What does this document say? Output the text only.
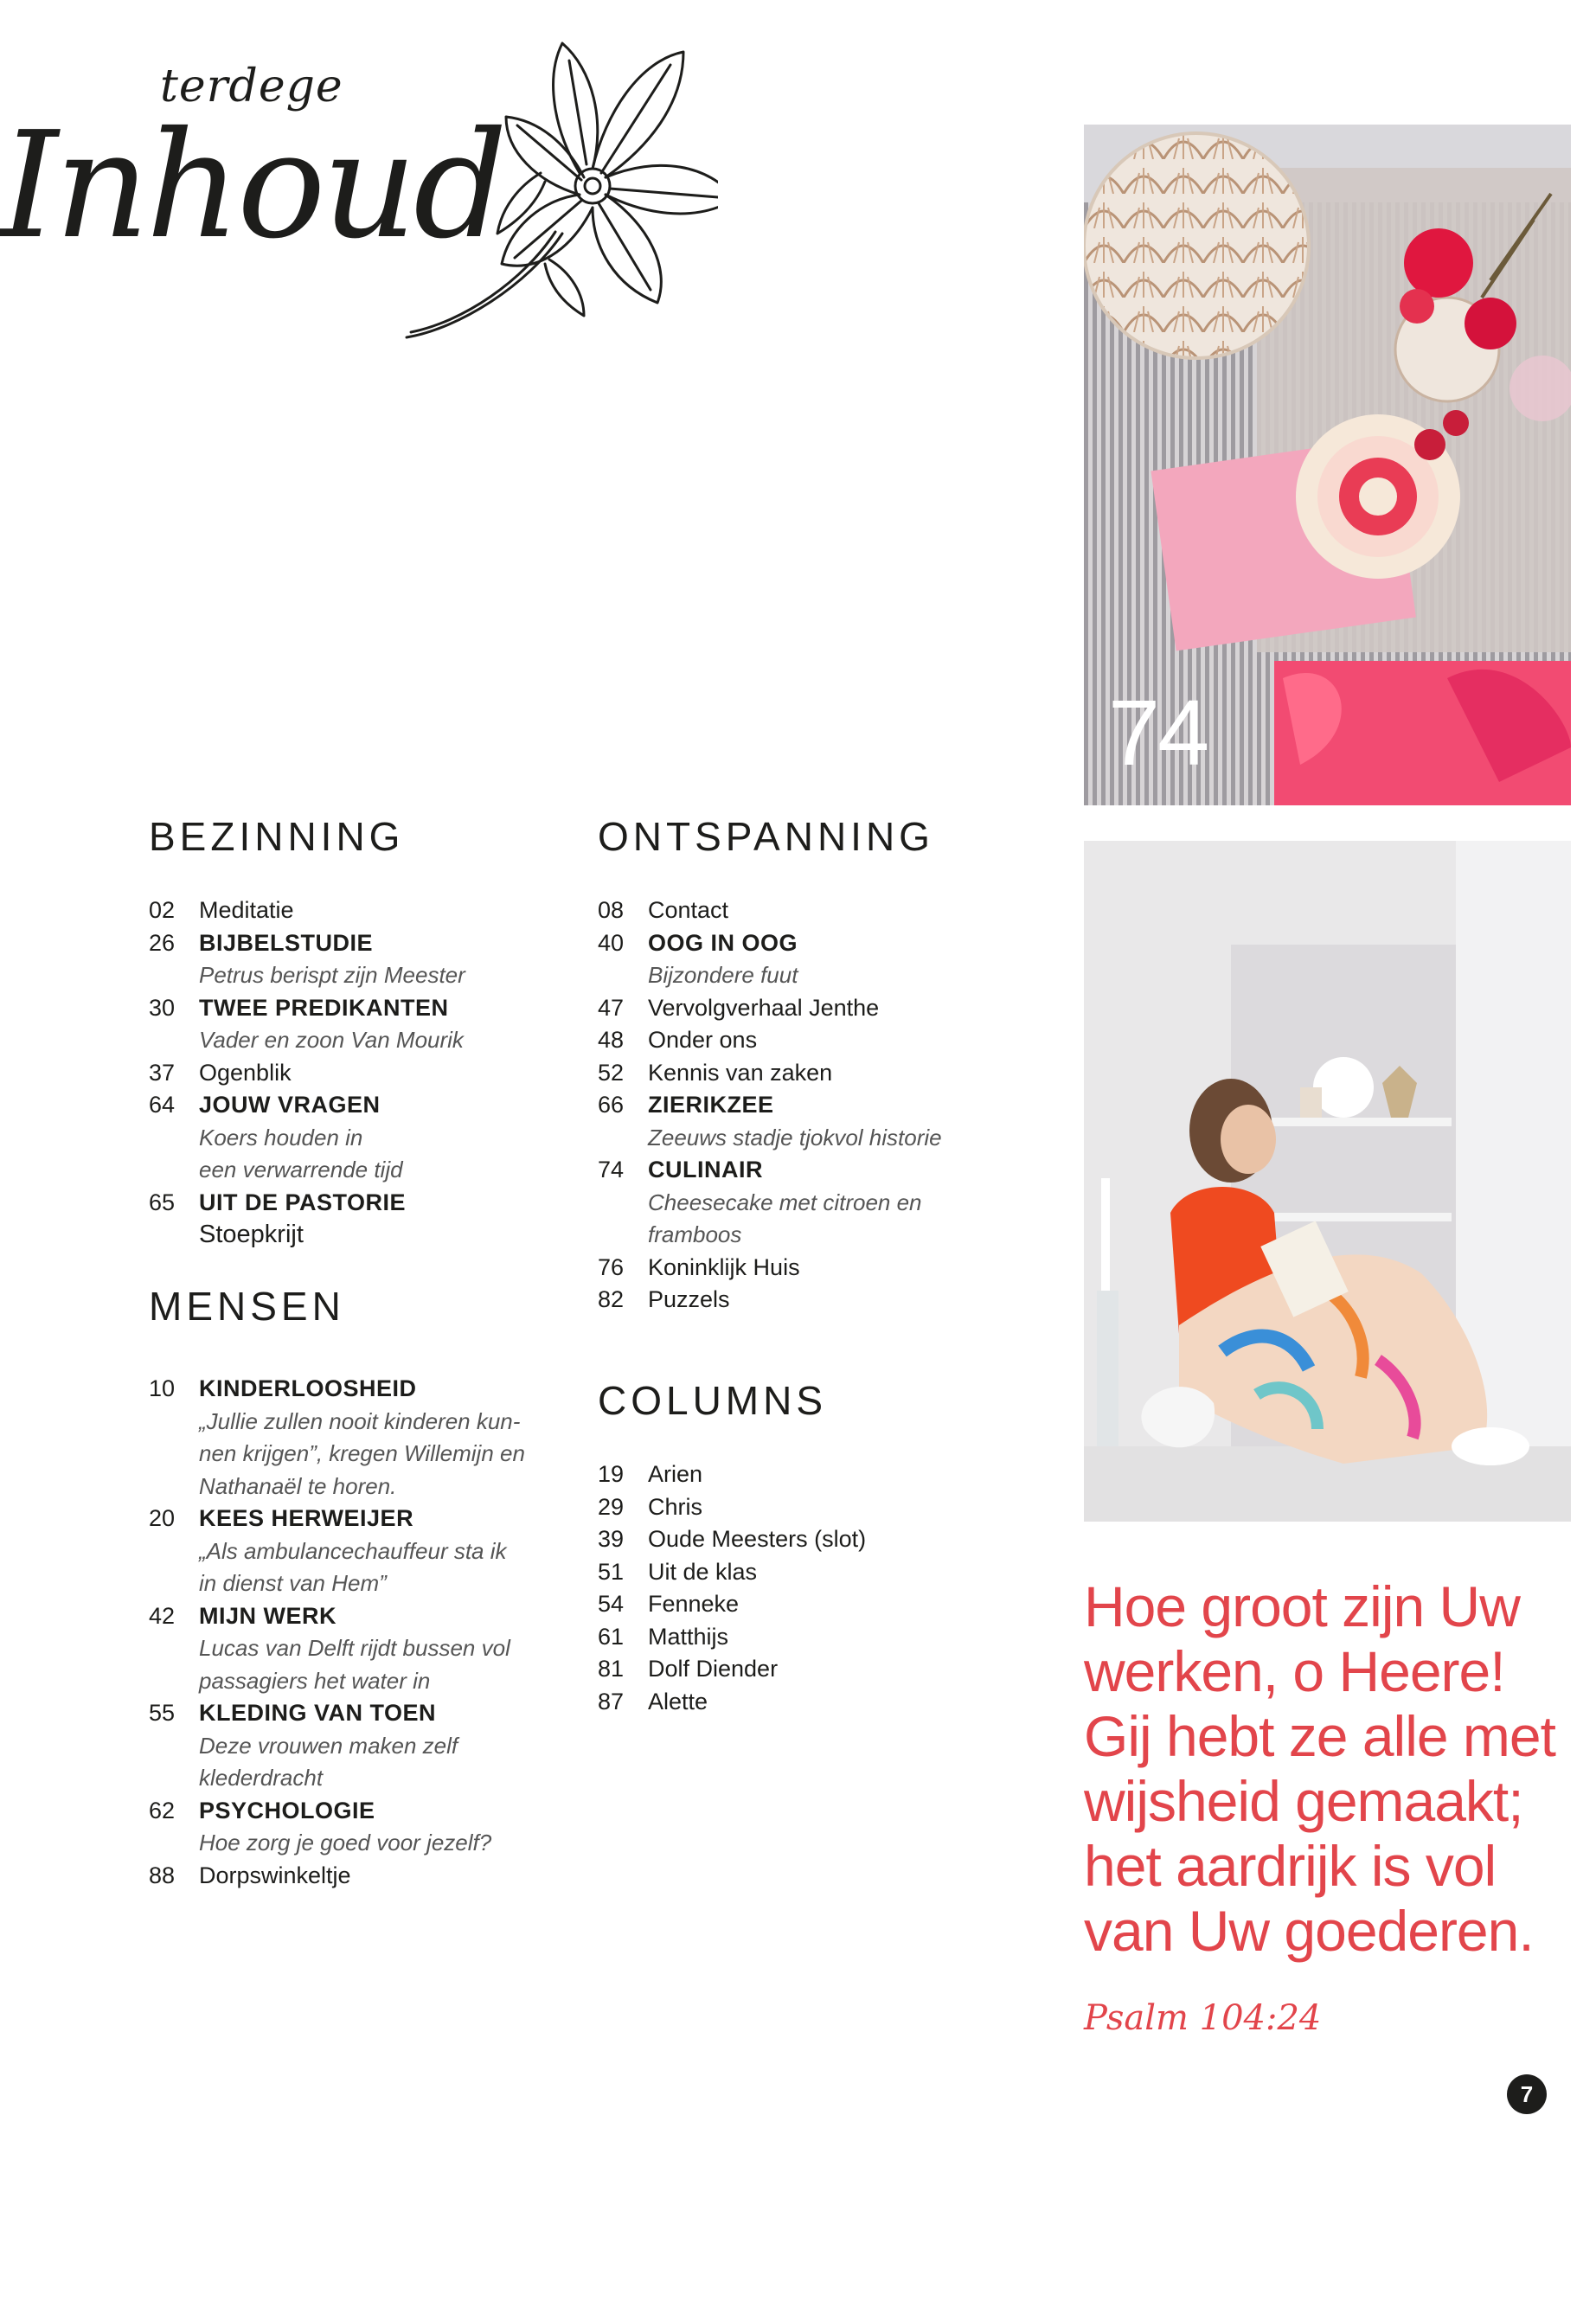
terdege
Inhoud
BEZINNING
02	Meditatie
26	BIJBELSTUDIE
Petrus berispt zijn Meester
30	TWEE PREDIKANTEN
Vader en zoon Van Mourik
37	Ogenblik
64	JOUW VRAGEN
Koers houden in
een verwarrende tijd
65	UIT DE PASTORIE
Stoepkrijt
MENSEN
10	KINDERLOOSHEID
„Jullie zullen nooit kinderen kun-
nen krijgen”, kregen Willemijn en
Nathanaël te horen.
20	KEES HERWEIJER
„Als ambulancechauffeur sta ik
in dienst van Hem”
42	MIJN WERK
Lucas van Delft rijdt bussen vol
passagiers het water in
55	KLEDING VAN TOEN
Deze vrouwen maken zelf
klederdracht
62	PSYCHOLOGIE
Hoe zorg je goed voor jezelf?
88	Dorpswinkeltje
ONTSPANNING
08	Contact
40	OOG IN OOG
Bijzondere fuut
47	Vervolgverhaal Jenthe
48	Onder ons
52	Kennis van zaken
66	ZIERIKZEE
Zeeuws stadje tjokvol historie
74	CULINAIR
Cheesecake met citroen en
framboos
76	Koninklijk Huis
82	Puzzels
COLUMNS
19	Arien
29	Chris
39	Oude Meesters (slot)
51	Uit de klas
54	Fenneke
61	Matthijs
81	Dolf Diender
87	Alette
74
Hoe groot zijn Uw
werken, o Heere!
Gij hebt ze alle met
wijsheid gemaakt;
het aardrijk is vol
van Uw goederen.
Psalm 104:24
7
